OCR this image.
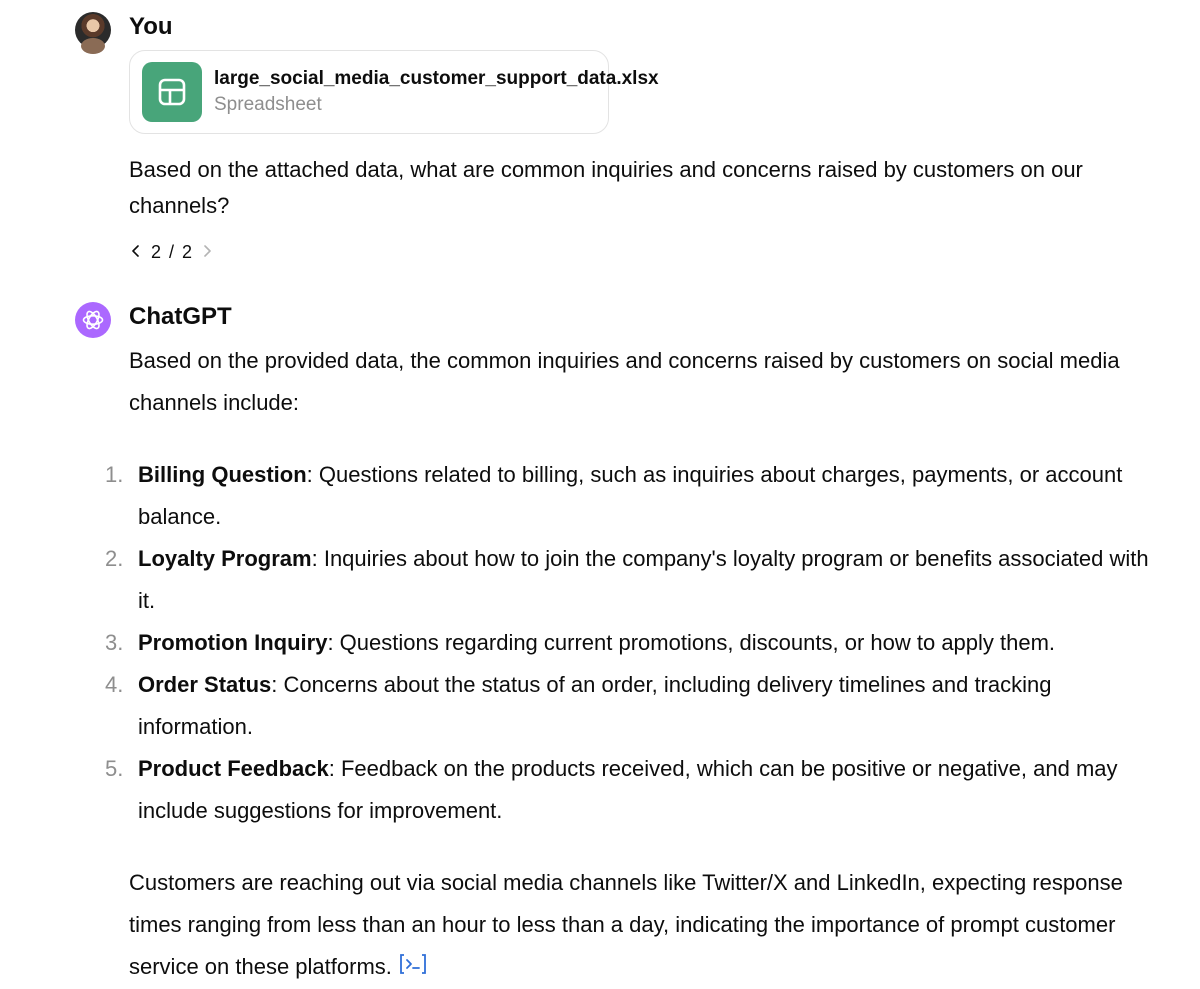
You
large_social_media_customer_support_data.xlsx
Spreadsheet
Based on the attached data, what are common inquiries and concerns raised by customers on our channels?
2 / 2
ChatGPT

Based on the provided data, the common inquiries and concerns raised by customers on social media channels include:

1. Billing Question: Questions related to billing, such as inquiries about charges, payments, or account balance.
2. Loyalty Program: Inquiries about how to join the company's loyalty program or benefits associated with it.
3. Promotion Inquiry: Questions regarding current promotions, discounts, or how to apply them.
4. Order Status: Concerns about the status of an order, including delivery timelines and tracking information.
5. Product Feedback: Feedback on the products received, which can be positive or negative, and may include suggestions for improvement.

Customers are reaching out via social media channels like Twitter/X and LinkedIn, expecting response times ranging from less than an hour to less than a day, indicating the importance of prompt customer service on these platforms.
